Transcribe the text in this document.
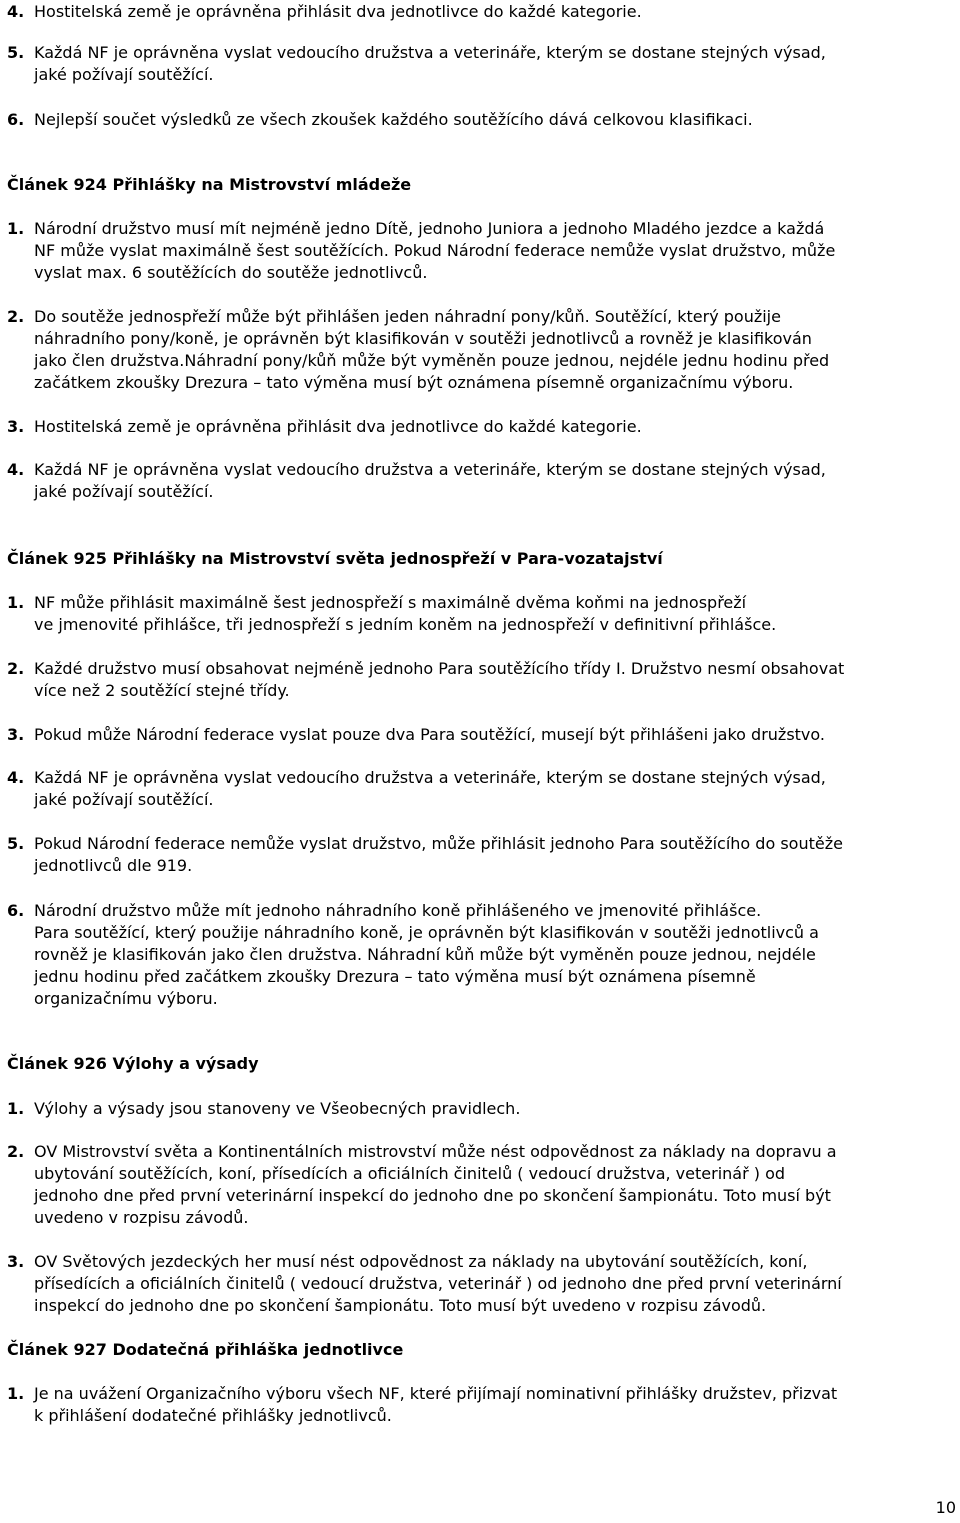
4. Hostitelská země je oprávněna přihlásit dva jednotlivce do každé kategorie.
5. Každá NF je oprávněna vyslat vedoucího družstva a veterináře, kterým se dostane stejných výsad,
jaké požívají soutěžící.
6. Nejlepší součet výsledků ze všech zkoušek každého soutěžícího dává celkovou klasifikaci.
Článek 924 Přihlášky na Mistrovství mládeže
1. Národní družstvo musí mít nejméně jedno Dítě, jednoho Juniora a jednoho Mladého jezdce a každá
NF může vyslat maximálně šest soutěžících. Pokud Národní federace nemůže vyslat družstvo, může
vyslat max. 6 soutěžících do soutěže jednotlivců.
2. Do soutěže jednospřeží může být přihlášen jeden náhradní pony/kůň. Soutěžící, který použije
náhradního pony/koně, je oprávněn být klasifikován v soutěži jednotlivců a rovněž je klasifikován
jako člen družstva.Náhradní pony/kůň může být vyměněn pouze jednou, nejdéle jednu hodinu před
začátkem zkoušky Drezura – tato výměna musí být oznámena písemně organizačnímu výboru.
3. Hostitelská země je oprávněna přihlásit dva jednotlivce do každé kategorie.
4. Každá NF je oprávněna vyslat vedoucího družstva a veterináře, kterým se dostane stejných výsad,
jaké požívají soutěžící.
Článek 925 Přihlášky na Mistrovství světa jednospřeží v Para-vozatajství
1. NF může přihlásit maximálně šest jednospřeží s maximálně dvěma koňmi na jednospřeží
ve jmenovité přihlášce, tři jednospřeží s jedním koněm na jednospřeží v definitivní přihlášce.
2. Každé družstvo musí obsahovat nejméně jednoho Para soutěžícího třídy I. Družstvo nesmí obsahovat
více než 2 soutěžící stejné třídy.
3. Pokud může Národní federace vyslat pouze dva Para soutěžící, musejí být přihlášeni jako družstvo.
4. Každá NF je oprávněna vyslat vedoucího družstva a veterináře, kterým se dostane stejných výsad,
jaké požívají soutěžící.
5. Pokud Národní federace nemůže vyslat družstvo, může přihlásit jednoho Para soutěžícího do soutěže
jednotlivců dle 919.
6. Národní družstvo může mít jednoho náhradního koně přihlášeného ve jmenovité přihlášce.
Para soutěžící, který použije náhradního koně, je oprávněn být klasifikován v soutěži jednotlivců a
rovněž je klasifikován jako člen družstva. Náhradní kůň může být vyměněn pouze jednou, nejdéle
jednu hodinu před začátkem zkoušky Drezura – tato výměna musí být oznámena písemně
organizačnímu výboru.
Článek 926 Výlohy a výsady
1. Výlohy a výsady jsou stanoveny ve Všeobecných pravidlech.
2. OV Mistrovství světa a Kontinentálních mistrovství může nést odpovědnost za náklady na dopravu a
ubytování soutěžících, koní, přísedících a oficiálních činitelů ( vedoucí družstva, veterinář ) od
jednoho dne před první veterinární inspekcí do jednoho dne po skončení šampionátu. Toto musí být
uvedeno v rozpisu závodů.
3. OV Světových jezdeckých her musí nést odpovědnost za náklady na ubytování soutěžících, koní,
přísedících a oficiálních činitelů ( vedoucí družstva, veterinář ) od jednoho dne před první veterinární
inspekcí do jednoho dne po skončení šampionátu. Toto musí být uvedeno v rozpisu závodů.
Článek 927 Dodatečná přihláška jednotlivce
1. Je na uvážení Organizačního výboru všech NF, které přijímají nominativní přihlášky družstev, přizvat
k přihlášení dodatečné přihlášky jednotlivců.
10
